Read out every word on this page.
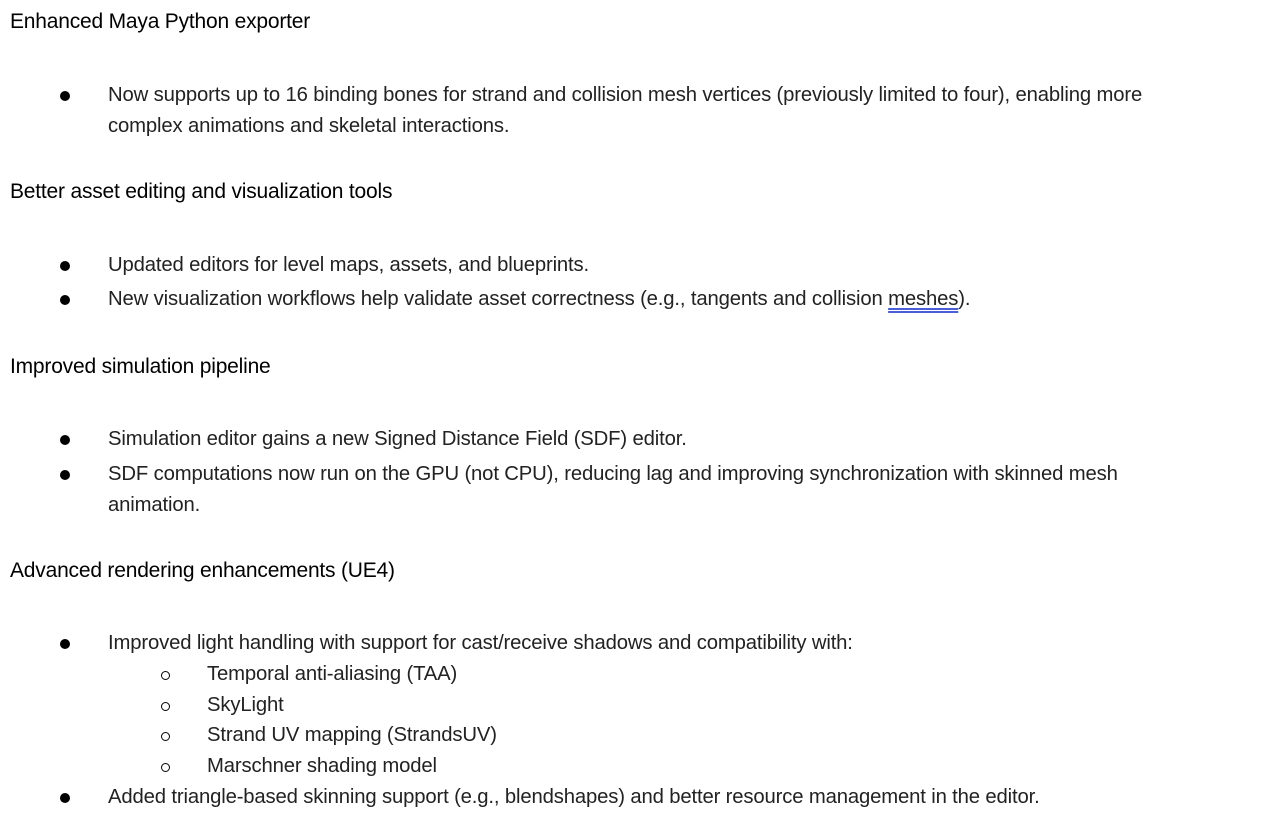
Enhanced Maya Python exporter
Now supports up to 16 binding bones for strand and collision mesh vertices (previously limited to four), enabling more
complex animations and skeletal interactions.
Better asset editing and visualization tools
Updated editors for level maps, assets, and blueprints.
New visualization workflows help validate asset correctness (e.g., tangents and collision meshes).
Improved simulation pipeline
Simulation editor gains a new Signed Distance Field (SDF) editor.
SDF computations now run on the GPU (not CPU), reducing lag and improving synchronization with skinned mesh
animation.
Advanced rendering enhancements (UE4)
Improved light handling with support for cast/receive shadows and compatibility with:
Temporal anti-aliasing (TAA)
SkyLight
Strand UV mapping (StrandsUV)
Marschner shading model
Added triangle-based skinning support (e.g., blendshapes) and better resource management in the editor.
